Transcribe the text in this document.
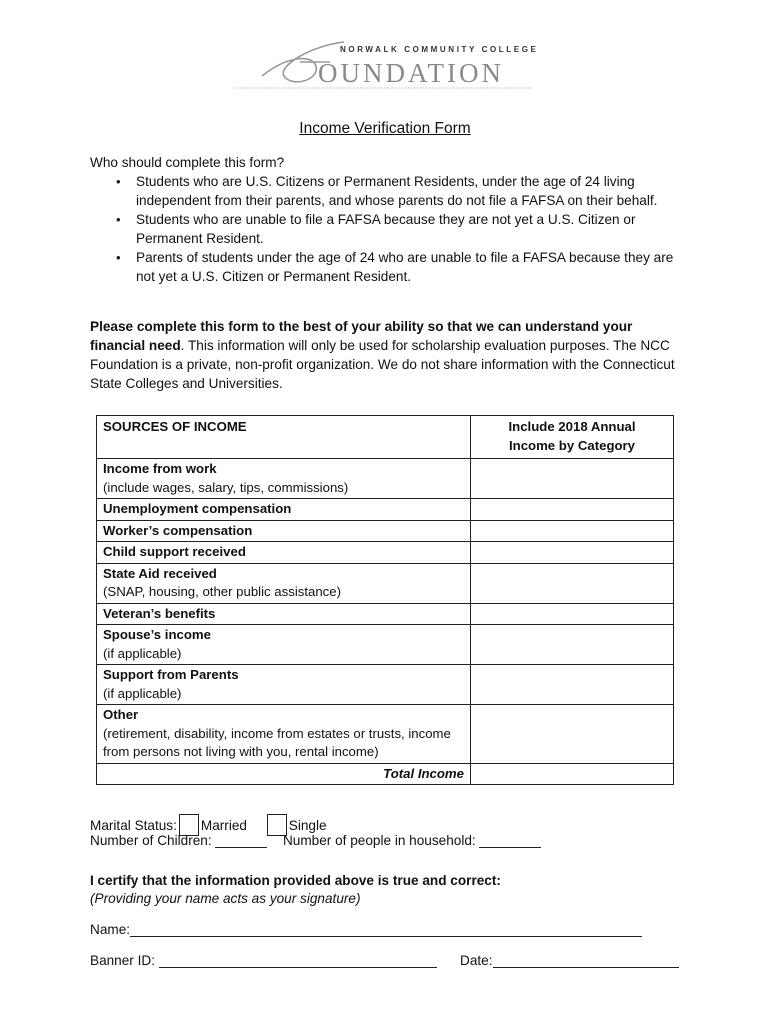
NORWALK COMMUNITY COLLEGE
OUNDATION
Income Verification Form
Who should complete this form?
• Students who are U.S. Citizens or Permanent Residents, under the age of 24 living independent from their parents, and whose parents do not file a FAFSA on their behalf.
• Students who are unable to file a FAFSA because they are not yet a U.S. Citizen or Permanent Resident.
• Parents of students under the age of 24 who are unable to file a FAFSA because they are not yet a U.S. Citizen or Permanent Resident.
Please complete this form to the best of your ability so that we can understand your financial need. This information will only be used for scholarship evaluation purposes. The NCC Foundation is a private, non-profit organization. We do not share information with the Connecticut State Colleges and Universities.
SOURCES OF INCOME	Include 2018 Annual
Income by Category

Income from work
(include wages, salary, tips, commissions)	

Unemployment compensation	

Worker’s compensation	

Child support received	

State Aid received
(SNAP, housing, other public assistance)	

Veteran’s benefits	

Spouse’s income
(if applicable)	

Support from Parents
(if applicable)	

Other
(retirement, disability, income from estates or trusts, income from persons not living with you, rental income)	

Total Income	
Marital Status: Married	Single
Number of Children:	Number of people in household:
I certify that the information provided above is true and correct:
(Providing your name acts as your signature)
Name:
Banner ID:	Date:
